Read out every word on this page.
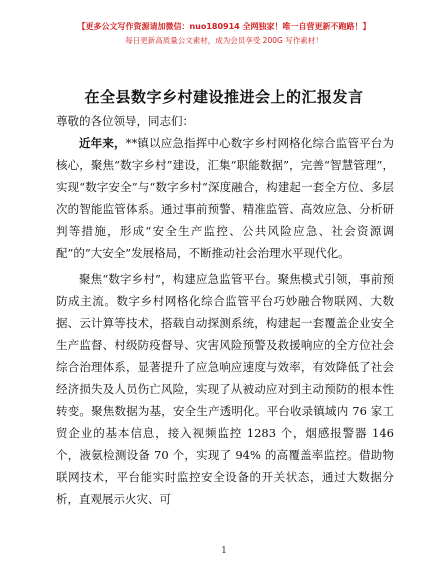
【更多公文写作资源请加微信：nuo180914 全网独家！唯一自营更新不跑路！】
每日更新高质量公文素材，成为会员享受 200G 写作素材！
在全县数字乡村建设推进会上的汇报发言

尊敬的各位领导，同志们：

近年来，**镇以应急指挥中心数字乡村网格化综合监管平台为核心，聚焦“数字乡村”建设，汇集“职能数据”，完善“智慧管理”，实现“数字安全”与“数字乡村”深度融合，构建起一套全方位、多层次的智能监管体系。通过事前预警、精准监管、高效应急、分析研判等措施，形成“安全生产监控、公共风险应急、社会资源调配”的“大安全”发展格局，不断推动社会治理水平现代化。

聚焦“数字乡村”，构建应急监管平台。聚焦模式引领，事前预防成主流。数字乡村网格化综合监管平台巧妙融合物联网、大数据、云计算等技术，搭载自动探测系统，构建起一套覆盖企业安全生产监督、村级防疫督导、灾害风险预警及救援响应的全方位社会综合治理体系，显著提升了应急响应速度与效率，有效降低了社会经济损失及人员伤亡风险，实现了从被动应对到主动预防的根本性转变。聚焦数据为基，安全生产透明化。平台收录镇域内 76 家工贸企业的基本信息，接入视频监控 1283 个，烟感报警器 146 个，液氨检测设备 70 个，实现了 94% 的高覆盖率监控。借助物联网技术，平台能实时监控安全设备的开关状态，通过大数据分析，直观展示火灾、可

1
